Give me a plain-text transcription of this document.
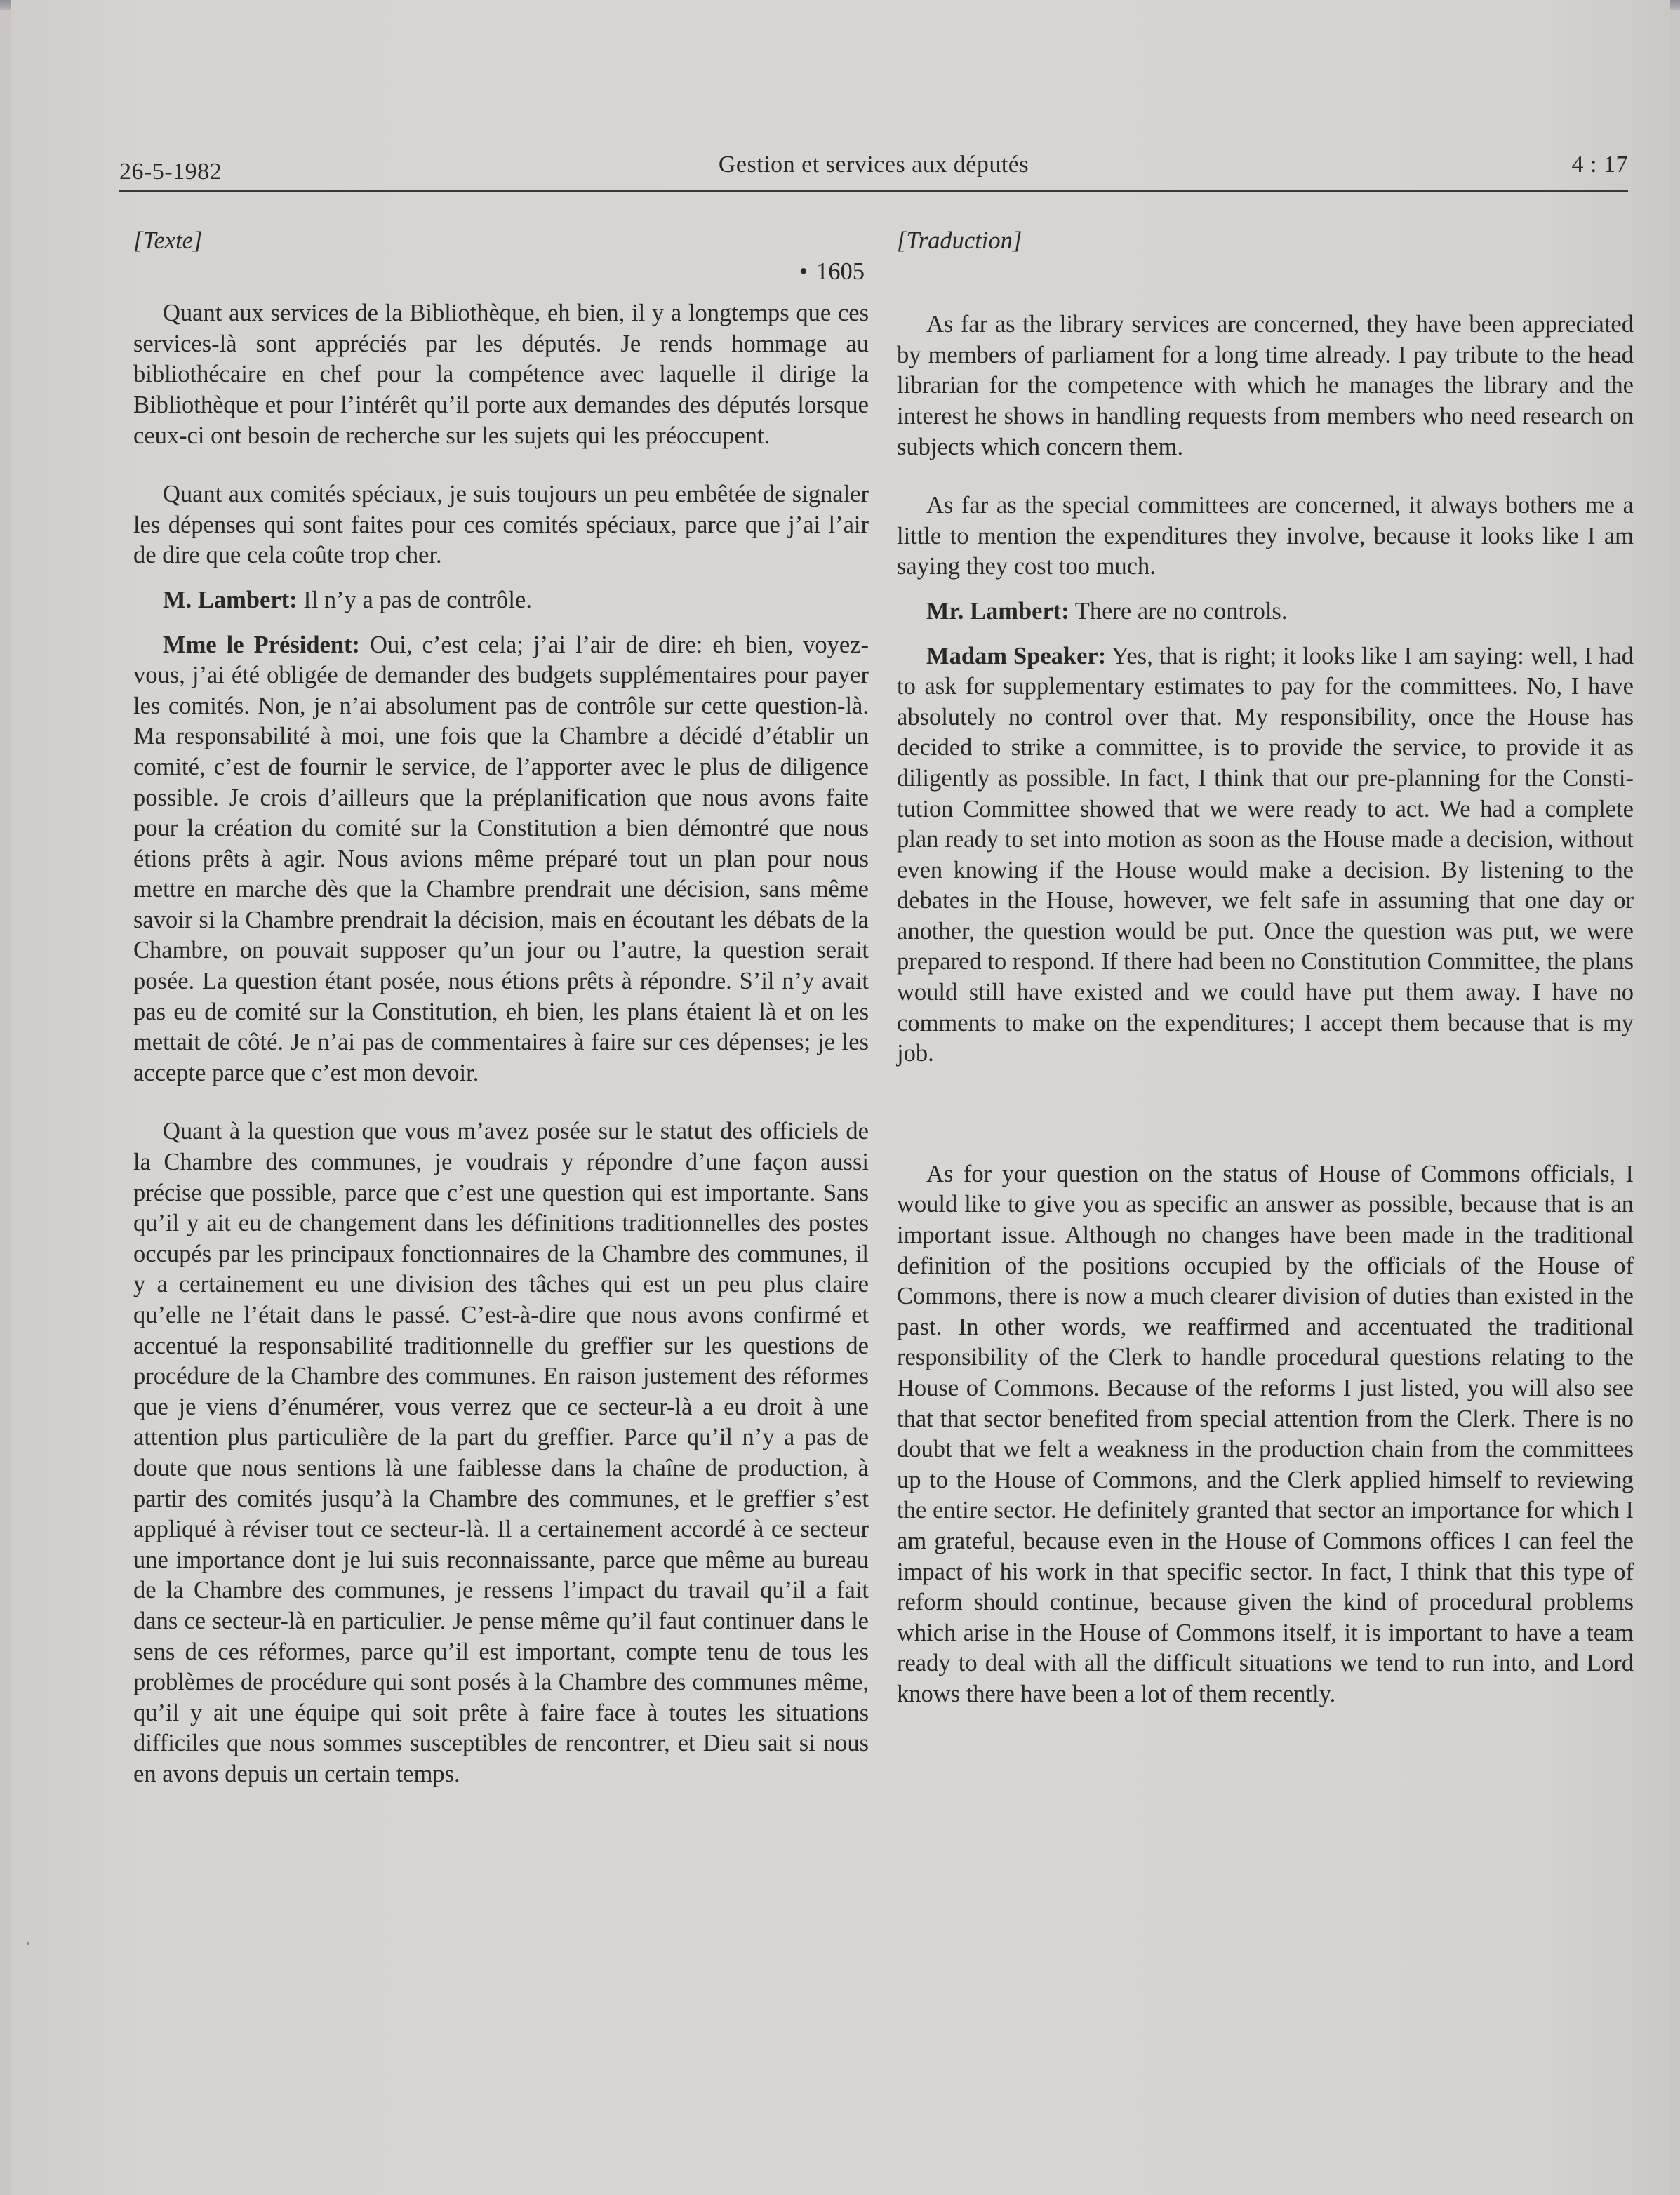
26-5-1982	Gestion et services aux députés	4 : 17

[Texte]

• 1605

Quant aux services de la Bibliothèque, eh bien, il y a longtemps que ces services-là sont appréciés par les députés. Je rends hommage au bibliothécaire en chef pour la compétence avec laquelle il dirige la Bibliothèque et pour l’intérêt qu’il porte aux demandes des députés lorsque ceux-ci ont besoin de recherche sur les sujets qui les préoccupent.

Quant aux comités spéciaux, je suis toujours un peu embêtée de signaler les dépenses qui sont faites pour ces comités spéciaux, parce que j’ai l’air de dire que cela coûte trop cher.

M. Lambert: Il n’y a pas de contrôle.

Mme le Président: Oui, c’est cela; j’ai l’air de dire: eh bien, voyez-vous, j’ai été obligée de demander des budgets supplémentaires pour payer les comités. Non, je n’ai absolument pas de contrôle sur cette question-là. Ma responsabilité à moi, une fois que la Chambre a décidé d’établir un comité, c’est de fournir le service, de l’apporter avec le plus de diligence possible. Je crois d’ailleurs que la préplanification que nous avons faite pour la création du comité sur la Constitution a bien démontré que nous étions prêts à agir. Nous avions même préparé tout un plan pour nous mettre en marche dès que la Chambre prendrait une décision, sans même savoir si la Chambre prendrait la décision, mais en écoutant les débats de la Chambre, on pouvait supposer qu’un jour ou l’autre, la question serait posée. La question étant posée, nous étions prêts à répondre. S’il n’y avait pas eu de comité sur la Constitution, eh bien, les plans étaient là et on les mettait de côté. Je n’ai pas de commentaires à faire sur ces dépenses; je les accepte parce que c’est mon devoir.

Quant à la question que vous m’avez posée sur le statut des officiels de la Chambre des communes, je voudrais y répondre d’une façon aussi précise que possible, parce que c’est une question qui est importante. Sans qu’il y ait eu de changement dans les définitions traditionnelles des postes occupés par les principaux fonctionnaires de la Chambre des communes, il y a certainement eu une division des tâches qui est un peu plus claire qu’elle ne l’était dans le passé. C’est-à-dire que nous avons confirmé et accentué la responsabilité traditionnelle du greffier sur les questions de procédure de la Chambre des communes. En raison justement des réformes que je viens d’énumérer, vous verrez que ce secteur-là a eu droit à une attention plus particulière de la part du greffier. Parce qu’il n’y a pas de doute que nous sentions là une faiblesse dans la chaîne de production, à partir des comités jusqu’à la Chambre des communes, et le greffier s’est appliqué à réviser tout ce secteur-là. Il a certainement accordé à ce secteur une importance dont je lui suis reconnaissante, parce que même au bureau de la Chambre des communes, je ressens l’impact du travail qu’il a fait dans ce secteur-là en particulier. Je pense même qu’il faut continuer dans le sens de ces réformes, parce qu’il est important, compte tenu de tous les problèmes de procédure qui sont posés à la Chambre des communes même, qu’il y ait une équipe qui soit prête à faire face à toutes les situations difficiles que nous sommes susceptibles de rencontrer, et Dieu sait si nous en avons depuis un certain temps.

[Traduction]

As far as the library services are concerned, they have been appreciated by members of parliament for a long time already. I pay tribute to the head librarian for the competence with which he manages the library and the interest he shows in handling requests from members who need research on subjects which concern them.

As far as the special committees are concerned, it always bothers me a little to mention the expenditures they involve, because it looks like I am saying they cost too much.

Mr. Lambert: There are no controls.

Madam Speaker: Yes, that is right; it looks like I am saying: well, I had to ask for supplementary estimates to pay for the committees. No, I have absolutely no control over that. My responsibility, once the House has decided to strike a committee, is to provide the service, to provide it as diligently as possible. In fact, I think that our pre-planning for the Constitution Committee showed that we were ready to act. We had a complete plan ready to set into motion as soon as the House made a decision, without even knowing if the House would make a decision. By listening to the debates in the House, however, we felt safe in assuming that one day or another, the question would be put. Once the question was put, we were prepared to respond. If there had been no Constitution Committee, the plans would still have existed and we could have put them away. I have no comments to make on the expenditures; I accept them because that is my job.

As for your question on the status of House of Commons officials, I would like to give you as specific an answer as possible, because that is an important issue. Although no changes have been made in the traditional definition of the positions occupied by the officials of the House of Commons, there is now a much clearer division of duties than existed in the past. In other words, we reaffirmed and accentuated the traditional responsibility of the Clerk to handle procedural questions relating to the House of Commons. Because of the reforms I just listed, you will also see that that sector benefited from special attention from the Clerk. There is no doubt that we felt a weakness in the production chain from the committees up to the House of Commons, and the Clerk applied himself to reviewing the entire sector. He definitely granted that sector an importance for which I am grateful, because even in the House of Commons offices I can feel the impact of his work in that specific sector. In fact, I think that this type of reform should continue, because given the kind of procedural problems which arise in the House of Commons itself, it is important to have a team ready to deal with all the difficult situations we tend to run into, and Lord knows there have been a lot of them recently.
